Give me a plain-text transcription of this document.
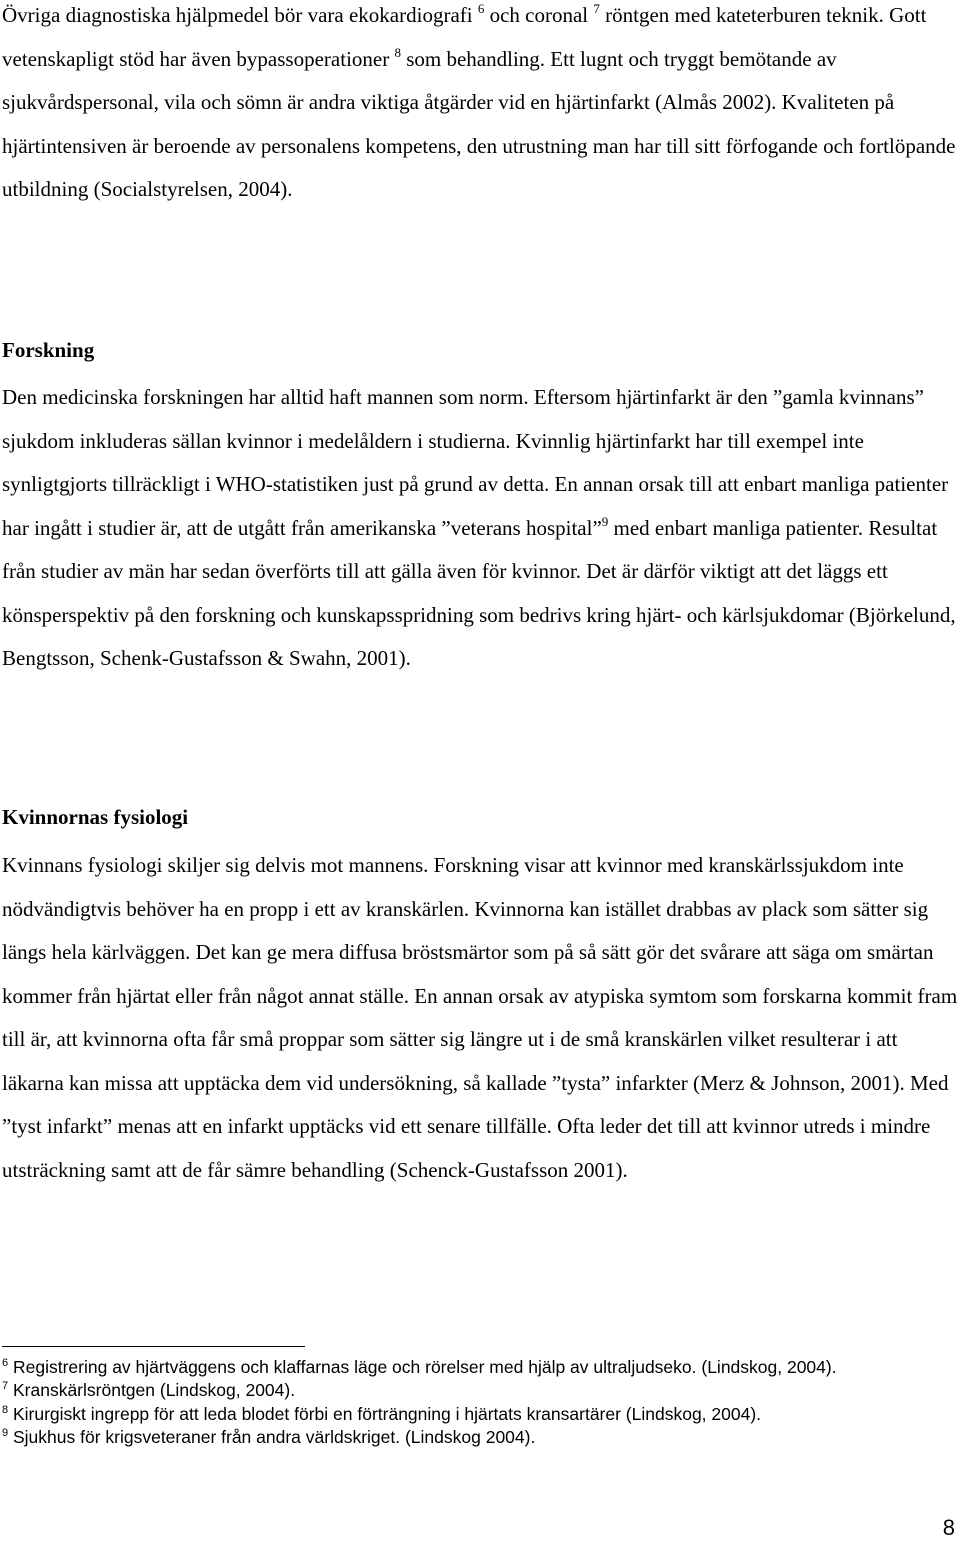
Övriga diagnostiska hjälpmedel bör vara ekokardiografi $^6$ och coronal $^7$ röntgen med kateterburen teknik. Gott vetenskapligt stöd har även bypassoperationer $^8$ som behandling. Ett lugnt och tryggt bemötande av sjukvårdspersonal, vila och sömn är andra viktiga åtgärder vid en hjärtinfarkt (Almås 2002). Kvaliteten på hjärtintensiven är beroende av personalens kompetens, den utrustning man har till sitt förfogande och fortlöpande utbildning (Socialstyrelsen, 2004).

Forskning

Den medicinska forskningen har alltid haft mannen som norm. Eftersom hjärtinfarkt är den ”gamla kvinnans” sjukdom inkluderas sällan kvinnor i medelåldern i studierna. Kvinnlig hjärtinfarkt har till exempel inte synligtgjorts tillräckligt i WHO-statistiken just på grund av detta. En annan orsak till att enbart manliga patienter har ingått i studier är, att de utgått från amerikanska ”veterans hospital”$^9$ med enbart manliga patienter. Resultat från studier av män har sedan överförts till att gälla även för kvinnor. Det är därför viktigt att det läggs ett könsperspektiv på den forskning och kunskapsspridning som bedrivs kring hjärt- och kärlsjukdomar (Björkelund, Bengtsson, Schenk-Gustafsson & Swahn, 2001).

Kvinnornas fysiologi

Kvinnans fysiologi skiljer sig delvis mot mannens. Forskning visar att kvinnor med kranskärlssjukdom inte nödvändigtvis behöver ha en propp i ett av kranskärlen. Kvinnorna kan istället drabbas av plack som sätter sig längs hela kärlväggen. Det kan ge mera diffusa bröstsmärtor som på så sätt gör det svårare att säga om smärtan kommer från hjärtat eller från något annat ställe. En annan orsak av atypiska symtom som forskarna kommit fram till är, att kvinnorna ofta får små proppar som sätter sig längre ut i de små kranskärlen vilket resulterar i att läkarna kan missa att upptäcka dem vid undersökning, så kallade ”tysta” infarkter (Merz & Johnson, 2001). Med ”tyst infarkt” menas att en infarkt upptäcks vid ett senare tillfälle. Ofta leder det till att kvinnor utreds i mindre utsträckning samt att de får sämre behandling (Schenck-Gustafsson 2001).

$^6$ Registrering av hjärtväggens och klaffarnas läge och rörelser med hjälp av ultraljudseko. (Lindskog, 2004).

$^7$ Kranskärlsröntgen (Lindskog, 2004).

$^8$ Kirurgiskt ingrepp för att leda blodet förbi en förträngning i hjärtats kransartärer (Lindskog, 2004).

$^9$ Sjukhus för krigsveteraner från andra världskriget. (Lindskog 2004).

8
